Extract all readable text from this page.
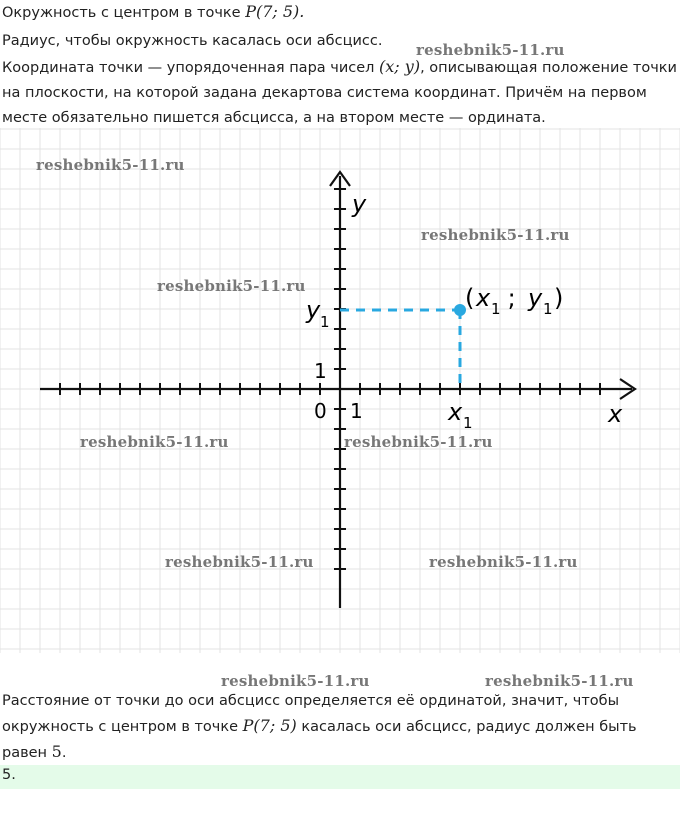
Окружность с центром в точке P(7; 5).
Радиус, чтобы окружность касалась оси абсцисс.
Координата точки — упорядоченная пара чисел (x; y), описывающая положение точки
на плоскости, на которой задана декартова система координат. Причём на первом
месте обязательно пишется абсцисса, а на втором месте — ордината.
y
x
0 1
1
y 1
x 1
( x 1 ; y 1 )
reshebnik5-11.ru
reshebnik5-11.ru
reshebnik5-11.ru
reshebnik5-11.ru
reshebnik5-11.ru	reshebnik5-11.ru
reshebnik5-11.ru	reshebnik5-11.ru
reshebnik5-11.ru	reshebnik5-11.ru
Расстояние от точки до оси абсцисс определяется её ординатой, значит, чтобы
окружность с центром в точке P(7; 5) касалась оси абсцисс, радиус должен быть
равен 5.
5.
